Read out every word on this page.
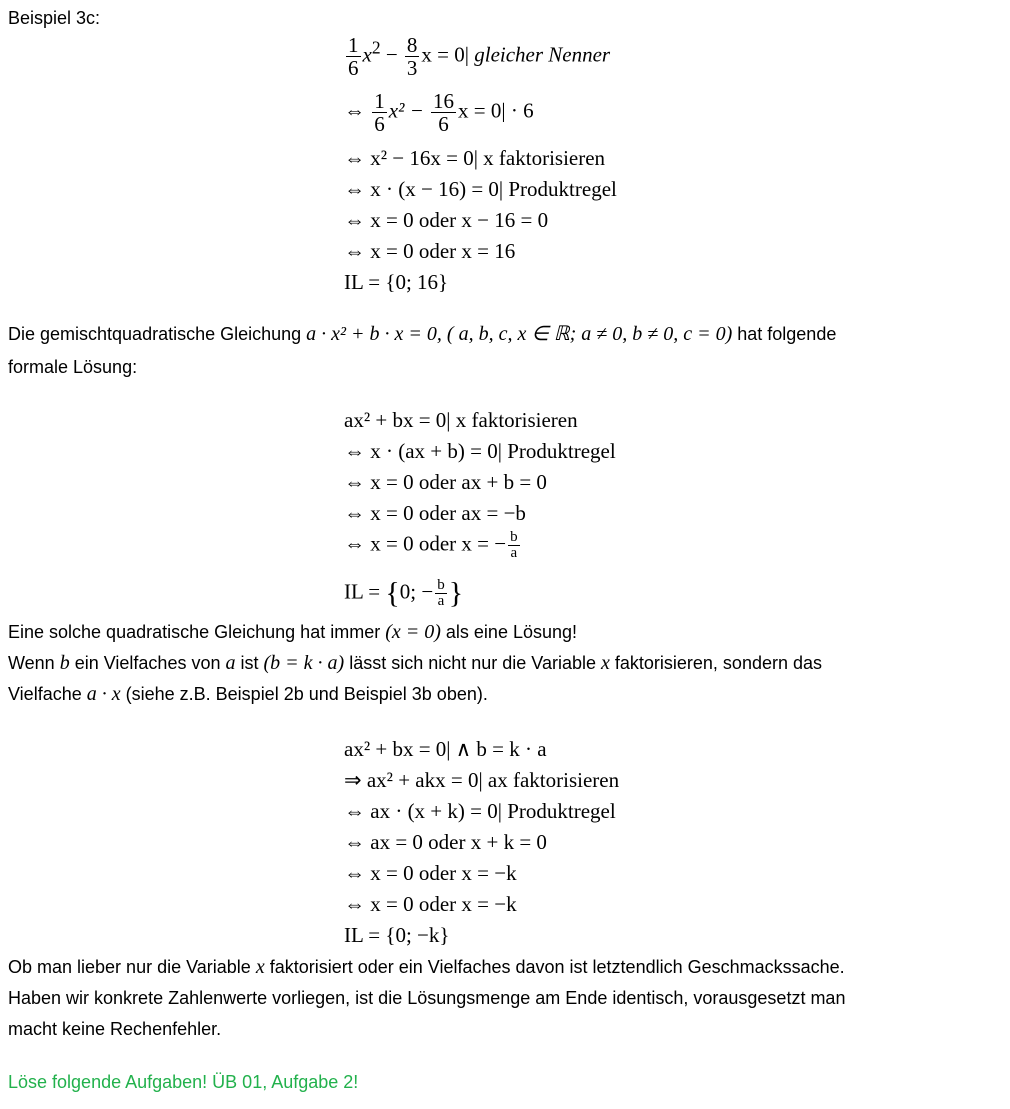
Beispiel 3c:
$\frac{1}{6} x^2 - \frac{8}{3}$ x = 0| gleicher Nenner
⇔ $\frac{1}{6} x^2 - \frac{16}{6}$ x = 0| · 6
⇔ x² − 16x = 0| x faktorisieren
⇔ x · (x − 16) = 0| Produktregel
⇔ x = 0 oder x − 16 = 0
⇔ x = 0 oder x = 16
IL = {0; 16}
Die gemischtquadratische Gleichung a · x² + b · x = 0, ( a, b, c, x ∈ ℝ; a ≠ 0, b ≠ 0, c = 0) hat folgende
formale Lösung:
ax² + bx = 0| x faktorisieren
⇔ x · (ax + b) = 0| Produktregel
⇔ x = 0 oder ax + b = 0
⇔ x = 0 oder ax = −b
⇔ x = 0 oder x = − $\frac{b}{a}$
IL = {0; − $\frac{b}{a}$ }
Eine solche quadratische Gleichung hat immer (x = 0) als eine Lösung!
Wenn b ein Vielfaches von a ist (b = k · a) lässt sich nicht nur die Variable x faktorisieren, sondern das
Vielfache a · x (siehe z.B. Beispiel 2b und Beispiel 3b oben).
ax² + bx = 0| ∧ b = k · a
⇒ ax² + akx = 0| ax faktorisieren
⇔ ax · (x + k) = 0| Produktregel
⇔ ax = 0 oder x + k = 0
⇔ x = 0 oder x = −k
⇔ x = 0 oder x = −k
IL = {0; −k}
Ob man lieber nur die Variable x faktorisiert oder ein Vielfaches davon ist letztendlich Geschmackssache.
Haben wir konkrete Zahlenwerte vorliegen, ist die Lösungsmenge am Ende identisch, vorausgesetzt man
macht keine Rechenfehler.
Löse folgende Aufgaben! ÜB 01, Aufgabe 2!
